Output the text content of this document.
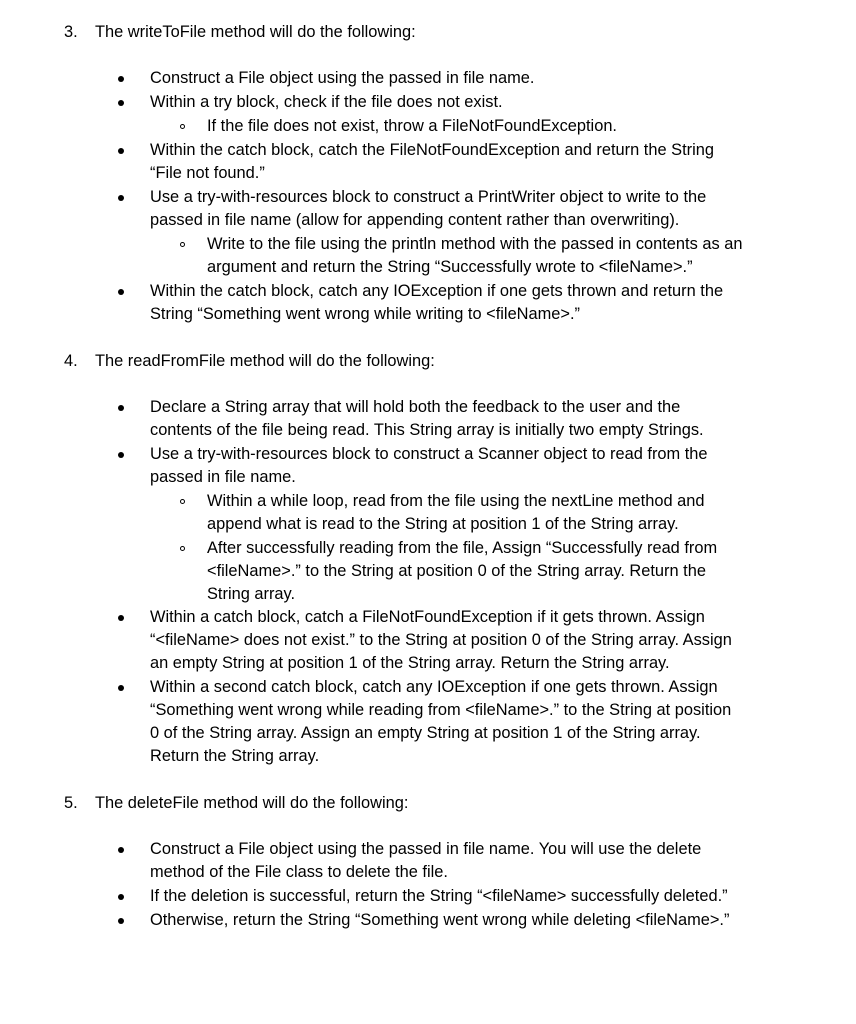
3. The writeToFile method will do the following:
Construct a File object using the passed in file name.
Within a try block, check if the file does not exist.
If the file does not exist, throw a FileNotFoundException.
Within the catch block, catch the FileNotFoundException and return the String
“File not found.”
Use a try-with-resources block to construct a PrintWriter object to write to the
passed in file name (allow for appending content rather than overwriting).
Write to the file using the println method with the passed in contents as an
argument and return the String “Successfully wrote to <fileName>.”
Within the catch block, catch any IOException if one gets thrown and return the
String “Something went wrong while writing to <fileName>.”
4. The readFromFile method will do the following:
Declare a String array that will hold both the feedback to the user and the
contents of the file being read. This String array is initially two empty Strings.
Use a try-with-resources block to construct a Scanner object to read from the
passed in file name.
Within a while loop, read from the file using the nextLine method and
append what is read to the String at position 1 of the String array.
After successfully reading from the file, Assign “Successfully read from
<fileName>.” to the String at position 0 of the String array. Return the
String array.
Within a catch block, catch a FileNotFoundException if it gets thrown. Assign
“<fileName> does not exist.” to the String at position 0 of the String array. Assign
an empty String at position 1 of the String array. Return the String array.
Within a second catch block, catch any IOException if one gets thrown. Assign
“Something went wrong while reading from <fileName>.” to the String at position
0 of the String array. Assign an empty String at position 1 of the String array.
Return the String array.
5. The deleteFile method will do the following:
Construct a File object using the passed in file name. You will use the delete
method of the File class to delete the file.
If the deletion is successful, return the String “<fileName> successfully deleted.”
Otherwise, return the String “Something went wrong while deleting <fileName>.”
